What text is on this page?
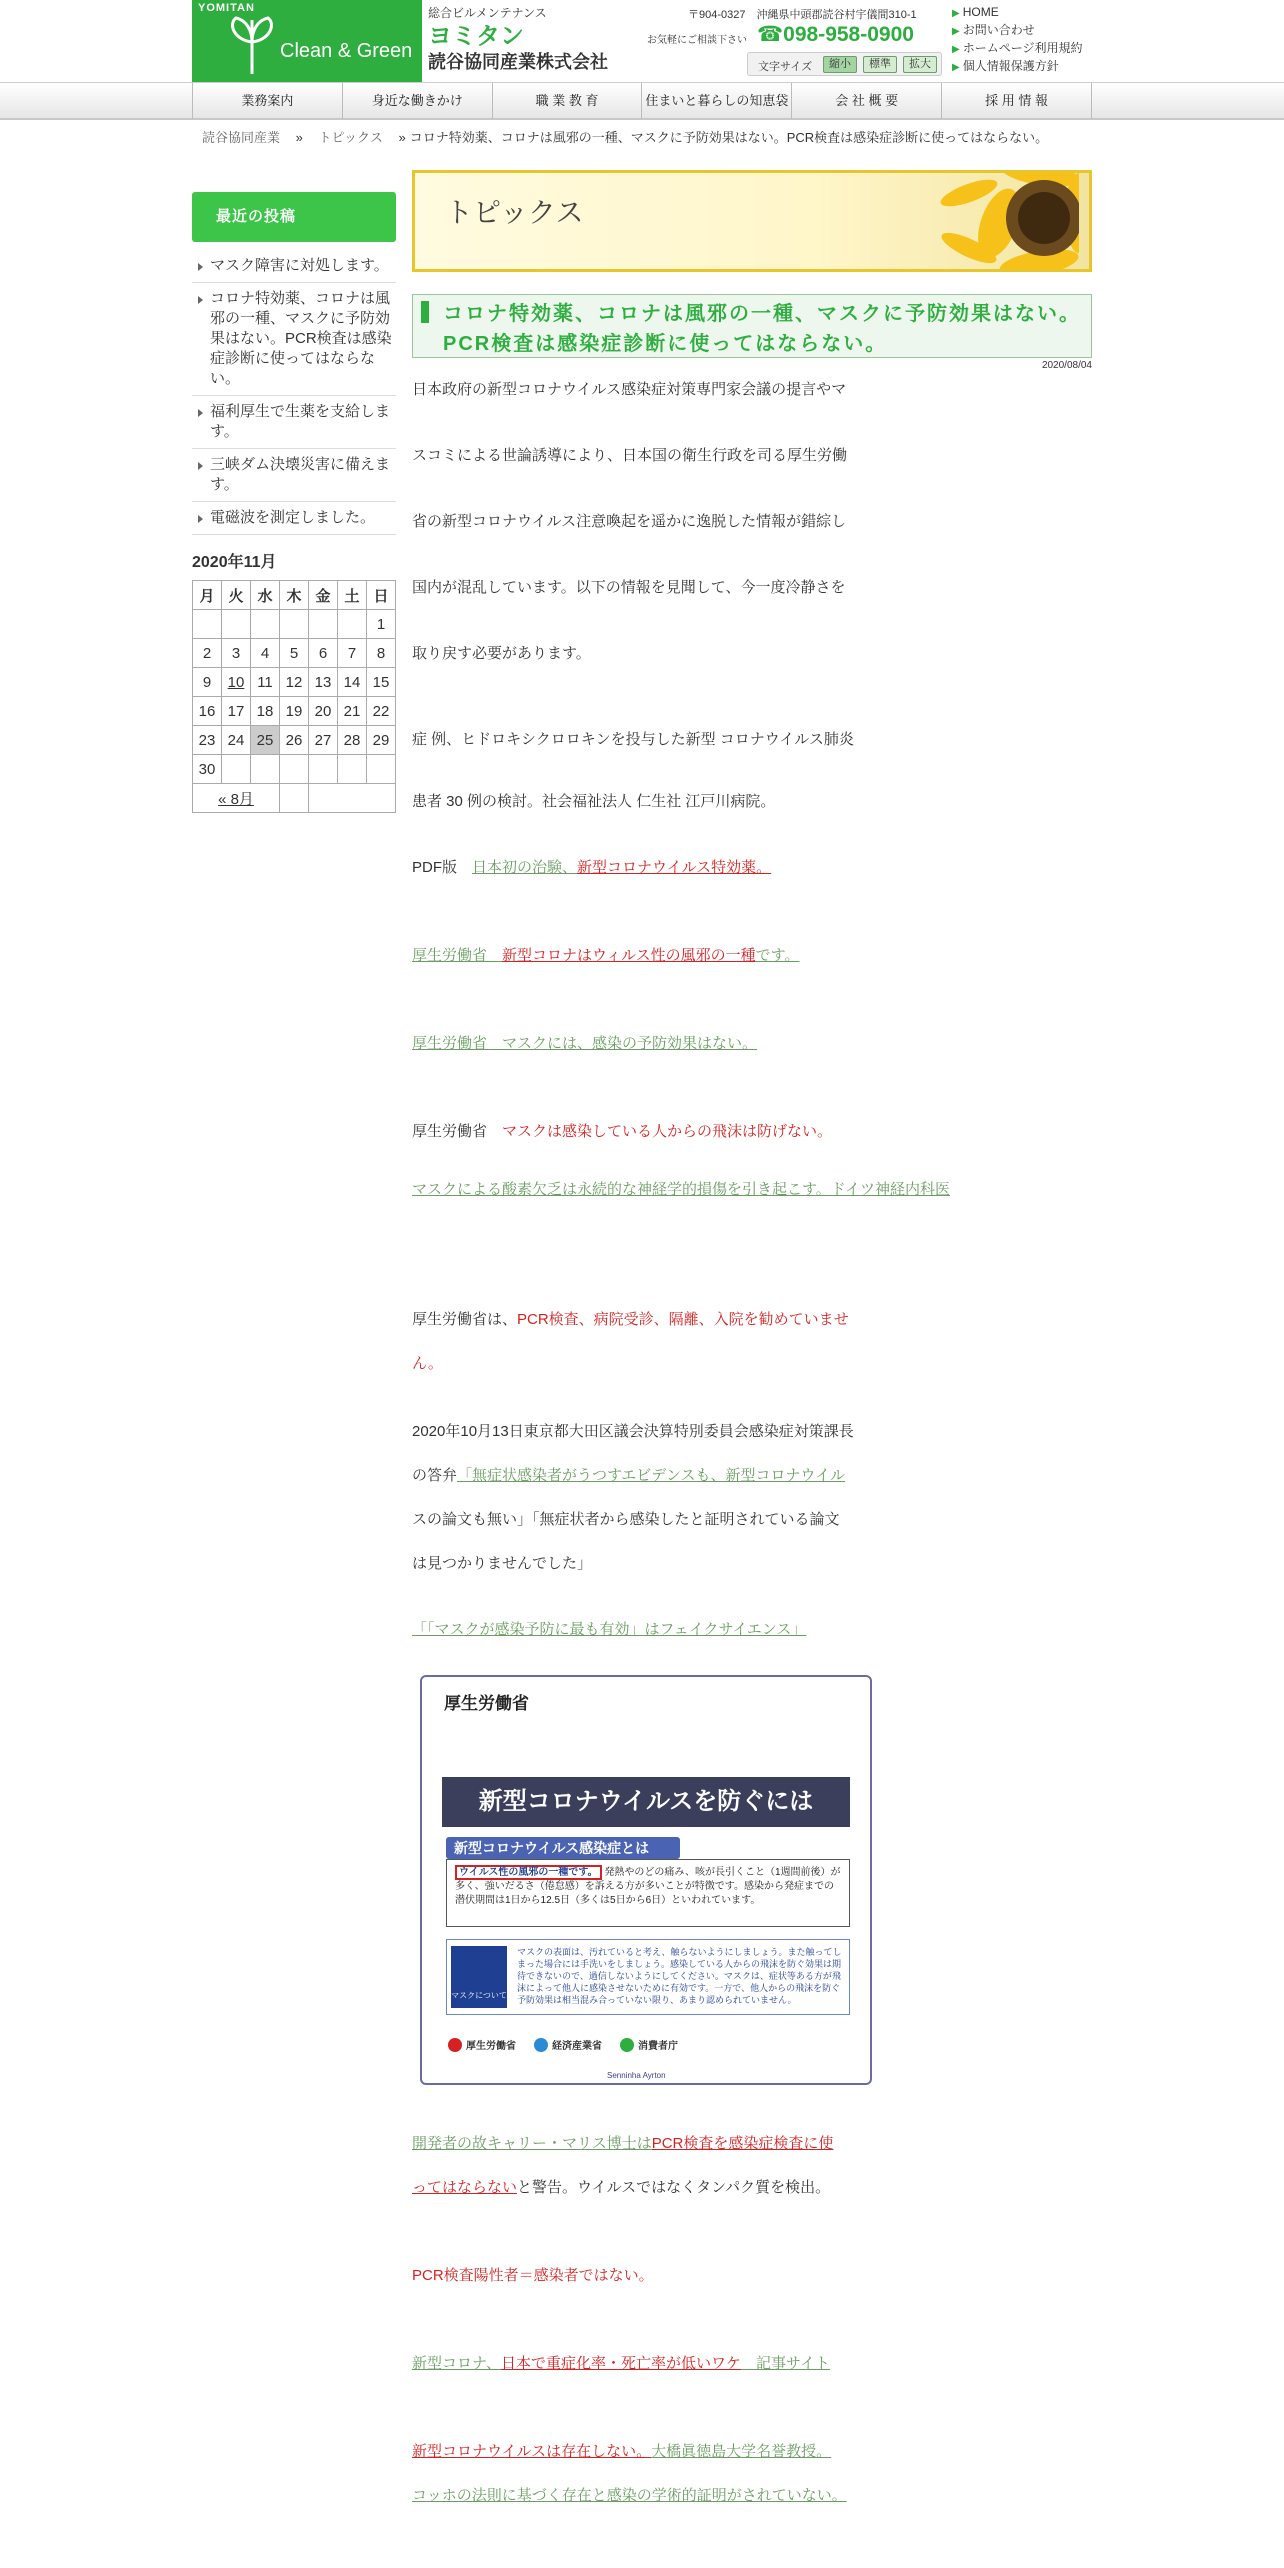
YOMITAN
Clean & Green
総合ビルメンテナンス
ヨミタン
読谷協同産業株式会社
〒904-0327　沖縄県中頭郡読谷村宇儀間310-1
お気軽にご相談下さい ☎098-958-0900
文字サイズ	縮小	標準	拡大
▶ HOME
▶ お問い合わせ
▶ ホームページ利用規約
▶ 個人情報保護方針
業務案内	身近な働きかけ	職 業 教 育	住まいと暮らしの知恵袋	会 社 概 要	採 用 情 報
読谷協同産業 » トピックス » コロナ特効薬、コロナは風邪の一種、マスクに予防効果はない。PCR検査は感染症診断に使ってはならない。
最近の投稿
マスク障害に対処します。
コロナ特効薬、コロナは風邪の一種、マスクに予防効果はない。PCR検査は感染症診断に使ってはならない。
福利厚生で生薬を支給します。
三峡ダム決壊災害に備えます。
電磁波を測定しました。
2020年11月
月	火	水	木	金	土	日
						1
2	3	4	5	6	7	8
9	10	11	12	13	14	15
16	17	18	19	20	21	22
23	24	25	26	27	28	29
30						
« 8月						
トピックス
コロナ特効薬、コロナは風邪の一種、マスクに予防効果はない。PCR検査は感染症診断に使ってはならない。
2020/08/04
日本政府の新型コロナウイルス感染症対策専門家会議の提言やマ
スコミによる世論誘導により、日本国の衛生行政を司る厚生労働
省の新型コロナウイルス注意喚起を遥かに逸脱した情報が錯綜し
国内が混乱しています。以下の情報を見聞して、今一度冷静さを
取り戻す必要があります。
症 例、ヒドロキシクロロキンを投与した新型 コロナウイルス肺炎
患者 30 例の検討。社会福祉法人 仁生社 江戸川病院。
PDF版　日本初の治験、新型コロナウイルス特効薬。
厚生労働省　新型コロナはウィルス性の風邪の一種です。
厚生労働省　マスクには、感染の予防効果はない。
厚生労働省　マスクは感染している人からの飛沫は防げない。
マスクによる酸素欠乏は永続的な神経学的損傷を引き起こす。ドイツ神経内科医
厚生労働省は、PCR検査、病院受診、隔離、入院を勧めていませ
ん。
2020年10月13日東京都大田区議会決算特別委員会感染症対策課長
の答弁「無症状感染者がうつすエビデンスも、新型コロナウイル
スの論文も無い」「無症状者から感染したと証明されている論文
は見つかりませんでした」
「「マスクが感染予防に最も有効」はフェイクサイエンス」
厚生労働省
新型コロナウイルスを防ぐには
新型コロナウイルス感染症とは
ウイルス性の風邪の一種です。 発熱やのどの痛み、咳が長引くこと（1週間前後）が多く、強いだるさ（倦怠感）を訴える方が多いことが特徴です。感染から発症までの潜伏期間は1日から12.5日（多くは5日から6日）といわれています。
マスクについて
マスクの表面は、汚れていると考え、触らないようにしましょう。また触ってしまった場合には手洗いをしましょう。感染している人からの飛沫を防ぐ効果は期待できないので、過信しないようにしてください。マスクは、症状等ある方が飛沫によって他人に感染させないために有効です。一方で、他人からの飛沫を防ぐ予防効果は相当混み合っていない限り、あまり認められていません。
厚生労働省	経済産業省	消費者庁
Senninha Ayrton
開発者の故キャリー・マリス博士はPCR検査を感染症検査に使
ってはならないと警告。ウイルスではなくタンパク質を検出。
PCR検査陽性者＝感染者ではない。
新型コロナ、日本で重症化率・死亡率が低いワケ　記事サイト
新型コロナウイルスは存在しない。大橋眞徳島大学名誉教授。
コッホの法則に基づく存在と感染の学術的証明がされていない。
